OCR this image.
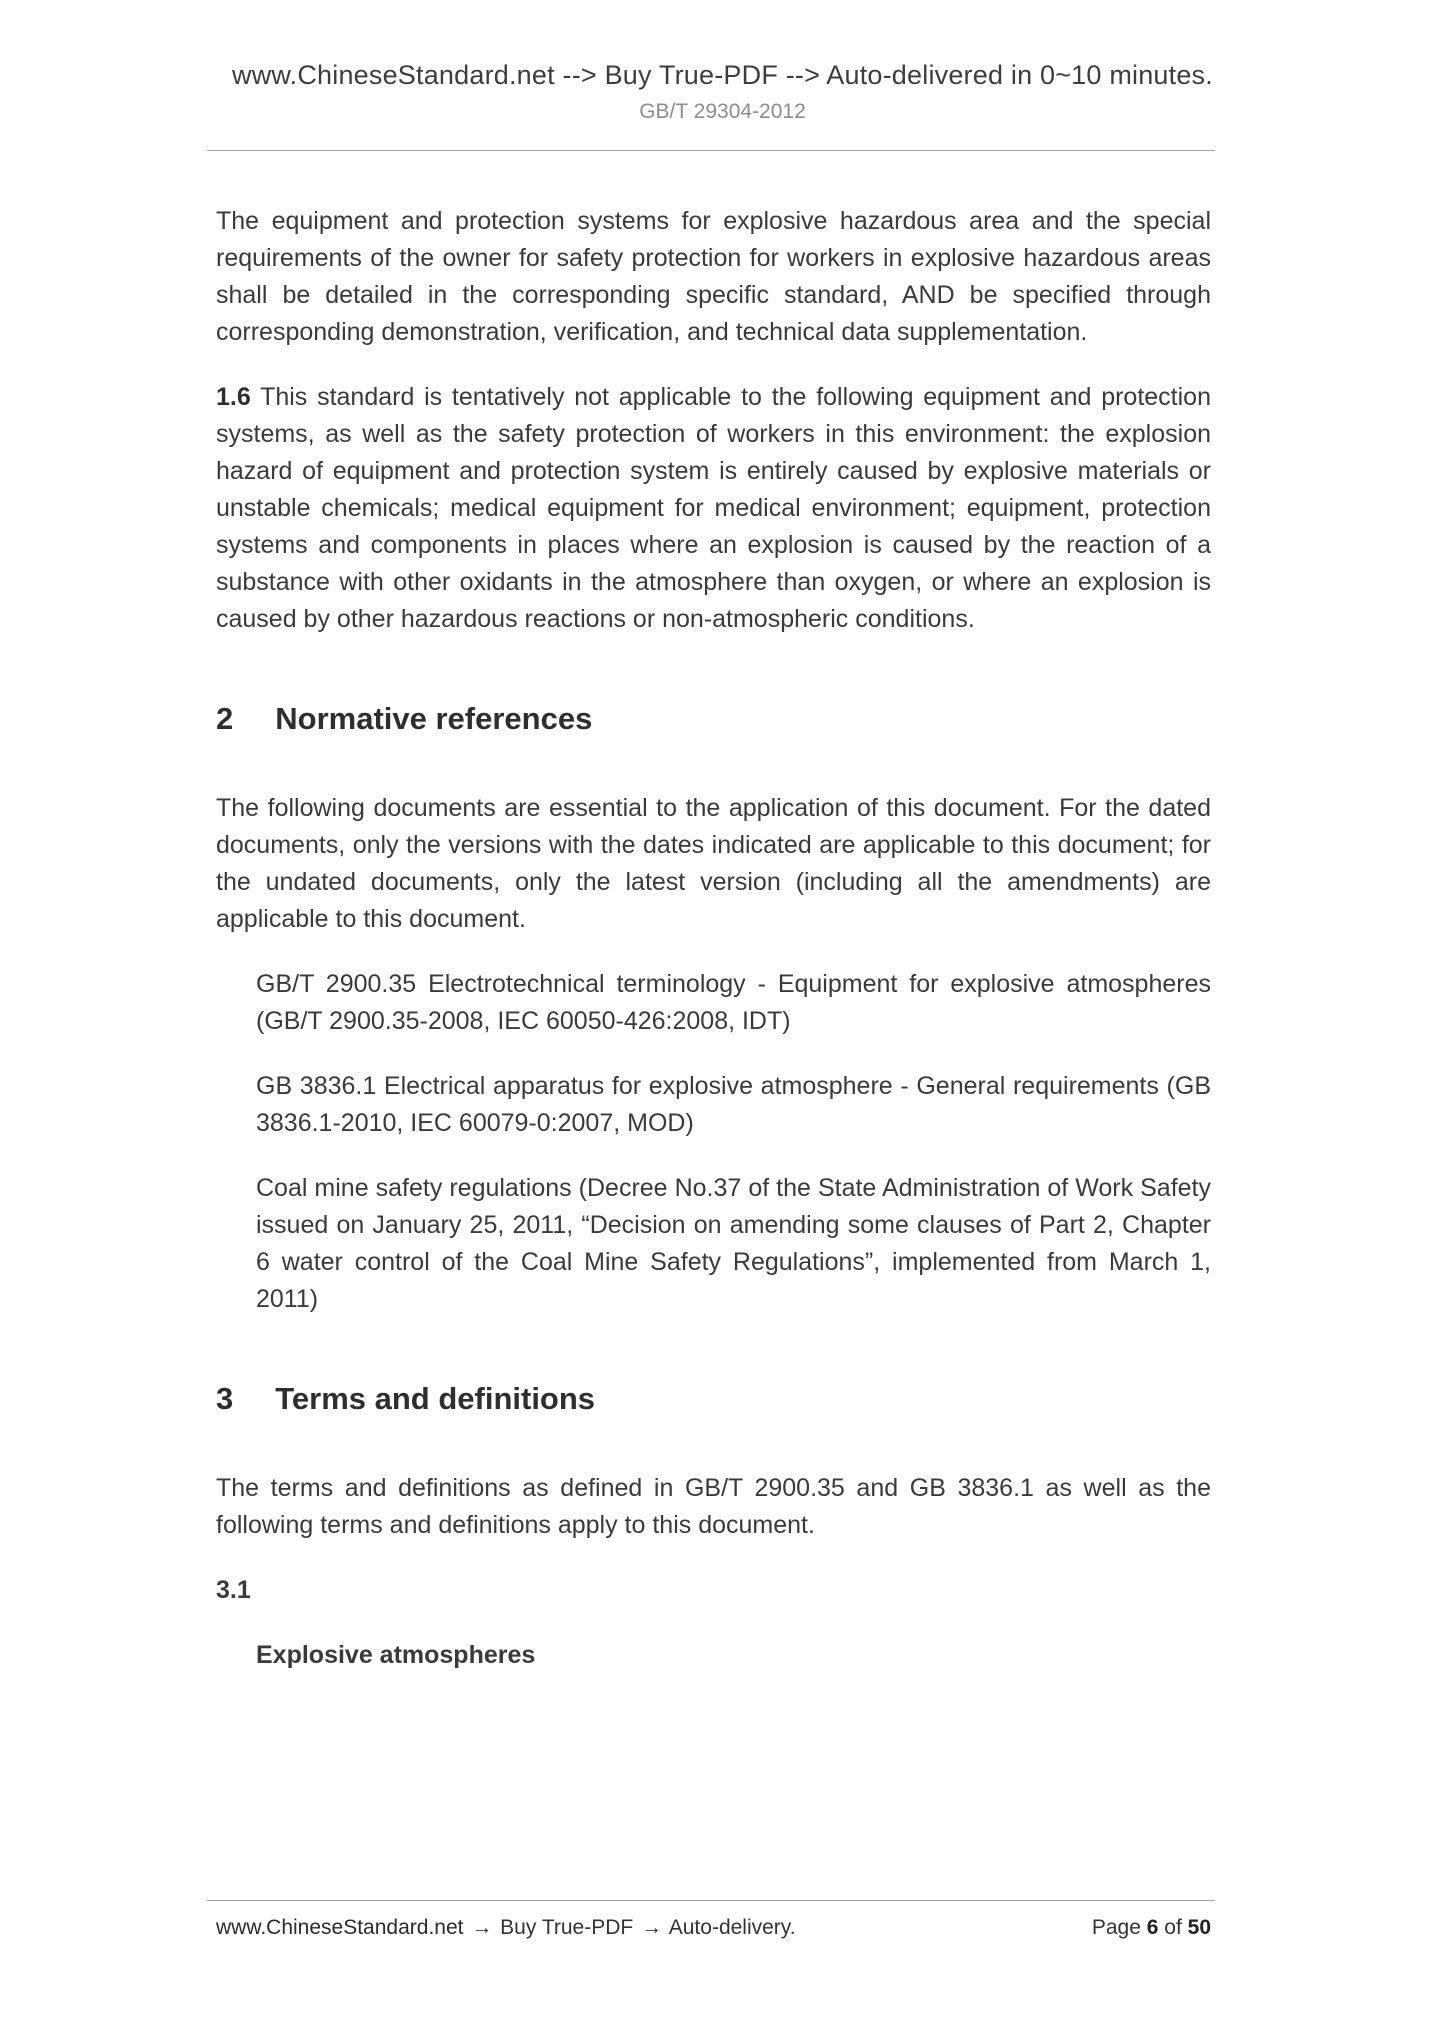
www.ChineseStandard.net --> Buy True-PDF --> Auto-delivered in 0~10 minutes.
GB/T 29304-2012

The equipment and protection systems for explosive hazardous area and the special requirements of the owner for safety protection for workers in explosive hazardous areas shall be detailed in the corresponding specific standard, AND be specified through corresponding demonstration, verification, and technical data supplementation.

1.6 This standard is tentatively not applicable to the following equipment and protection systems, as well as the safety protection of workers in this environment: the explosion hazard of equipment and protection system is entirely caused by explosive materials or unstable chemicals; medical equipment for medical environment; equipment, protection systems and components in places where an explosion is caused by the reaction of a substance with other oxidants in the atmosphere than oxygen, or where an explosion is caused by other hazardous reactions or non-atmospheric conditions.

2 Normative references

The following documents are essential to the application of this document. For the dated documents, only the versions with the dates indicated are applicable to this document; for the undated documents, only the latest version (including all the amendments) are applicable to this document.

GB/T 2900.35 Electrotechnical terminology - Equipment for explosive atmospheres (GB/T 2900.35-2008, IEC 60050-426:2008, IDT)

GB 3836.1 Electrical apparatus for explosive atmosphere - General requirements (GB 3836.1-2010, IEC 60079-0:2007, MOD)

Coal mine safety regulations (Decree No.37 of the State Administration of Work Safety issued on January 25, 2011, “Decision on amending some clauses of Part 2, Chapter 6 water control of the Coal Mine Safety Regulations”, implemented from March 1, 2011)

3 Terms and definitions

The terms and definitions as defined in GB/T 2900.35 and GB 3836.1 as well as the following terms and definitions apply to this document.

3.1

Explosive atmospheres

www.ChineseStandard.net → Buy True-PDF → Auto-delivery.	Page 6 of 50
